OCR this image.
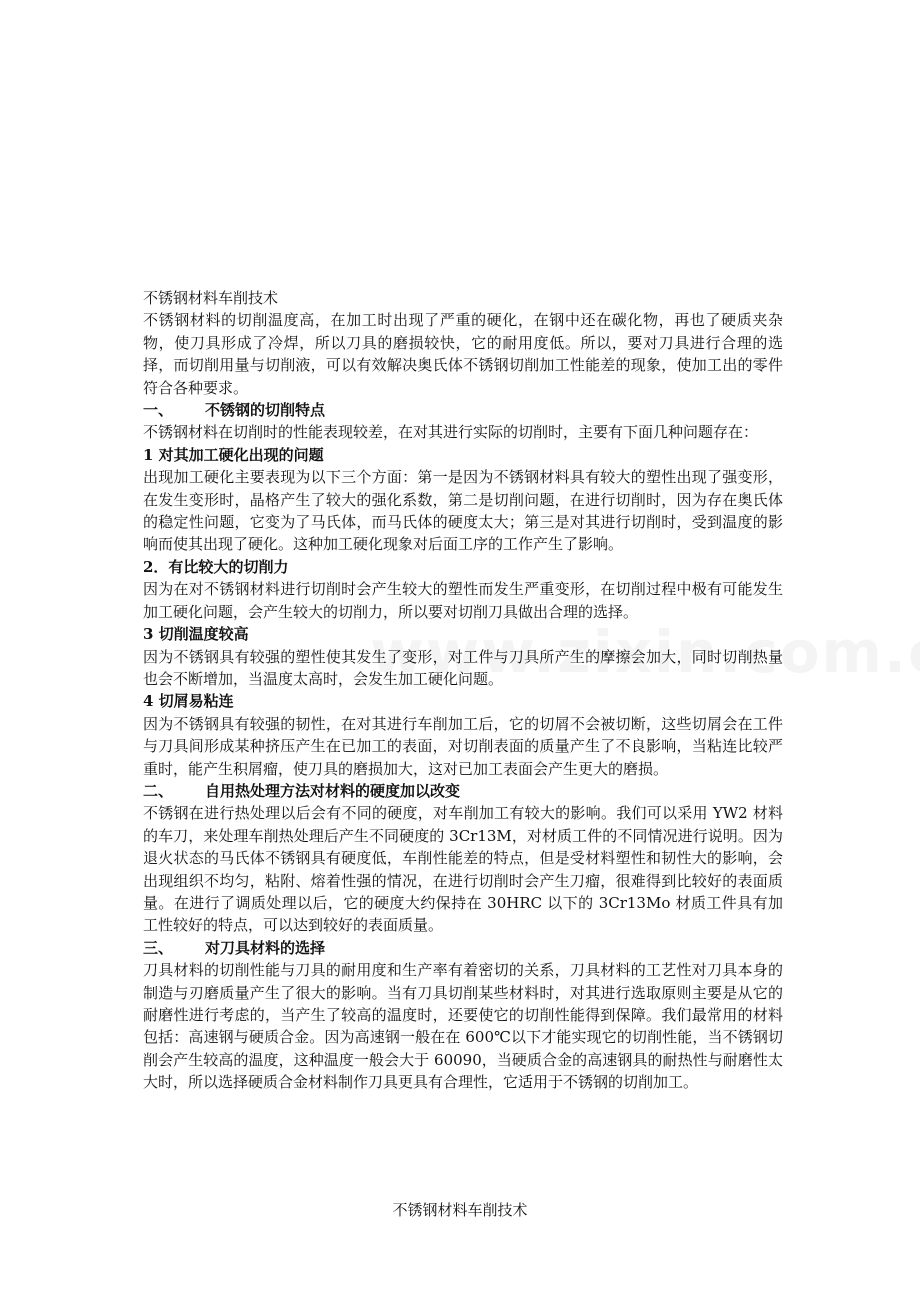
不锈钢材料车削技术

不锈钢材料的切削温度高，在加工时出现了严重的硬化，在钢中还在碳化物，再也了硬质夹杂物，使刀具形成了冷焊，所以刀具的磨损较快，它的耐用度低。所以，要对刀具进行合理的选择，而切削用量与切削液，可以有效解决奥氏体不锈钢切削加工性能差的现象，使加工出的零件符合各种要求。

一、 不锈钢的切削特点

不锈钢材料在切削时的性能表现较差，在对其进行实际的切削时，主要有下面几种问题存在：

1 对其加工硬化出现的问题

出现加工硬化主要表现为以下三个方面：第一是因为不锈钢材料具有较大的塑性出现了强变形，在发生变形时，晶格产生了较大的强化系数，第二是切削问题，在进行切削时，因为存在奥氏体的稳定性问题，它变为了马氏体，而马氏体的硬度太大；第三是对其进行切削时，受到温度的影响而使其出现了硬化。这种加工硬化现象对后面工序的工作产生了影响。

2．有比较大的切削力

因为在对不锈钢材料进行切削时会产生较大的塑性而发生严重变形，在切削过程中极有可能发生加工硬化问题，会产生较大的切削力，所以要对切削刀具做出合理的选择。

3 切削温度较高

因为不锈钢具有较强的塑性使其发生了变形，对工件与刀具所产生的摩擦会加大，同时切削热量也会不断增加，当温度太高时，会发生加工硬化问题。

4 切屑易粘连

因为不锈钢具有较强的韧性，在对其进行车削加工后，它的切屑不会被切断，这些切屑会在工件与刀具间形成某种挤压产生在已加工的表面，对切削表面的质量产生了不良影响，当粘连比较严重时，能产生积屑瘤，使刀具的磨损加大，这对已加工表面会产生更大的磨损。

二、 自用热处理方法对材料的硬度加以改变

不锈钢在进行热处理以后会有不同的硬度，对车削加工有较大的影响。我们可以采用 YW2 材料的车刀，来处理车削热处理后产生不同硬度的 3Cr13M，对材质工件的不同情况进行说明。因为退火状态的马氏体不锈钢具有硬度低，车削性能差的特点，但是受材料塑性和韧性大的影响，会出现组织不均匀，粘附、熔着性强的情况，在进行切削时会产生刀瘤，很难得到比较好的表面质量。在进行了调质处理以后，它的硬度大约保持在 30HRC 以下的 3Cr13Mo 材质工件具有加工性较好的特点，可以达到较好的表面质量。

三、 对刀具材料的选择

刀具材料的切削性能与刀具的耐用度和生产率有着密切的关系，刀具材料的工艺性对刀具本身的制造与刃磨质量产生了很大的影响。当有刀具切削某些材料时，对其进行选取原则主要是从它的耐磨性进行考虑的，当产生了较高的温度时，还要使它的切削性能得到保障。我们最常用的材料包括：高速钢与硬质合金。因为高速钢一般在在 600℃以下才能实现它的切削性能，当不锈钢切削会产生较高的温度，这种温度一般会大于 60090，当硬质合金的高速钢具的耐热性与耐磨性太大时，所以选择硬质合金材料制作刀具更具有合理性，它适用于不锈钢的切削加工。

不锈钢材料车削技术
